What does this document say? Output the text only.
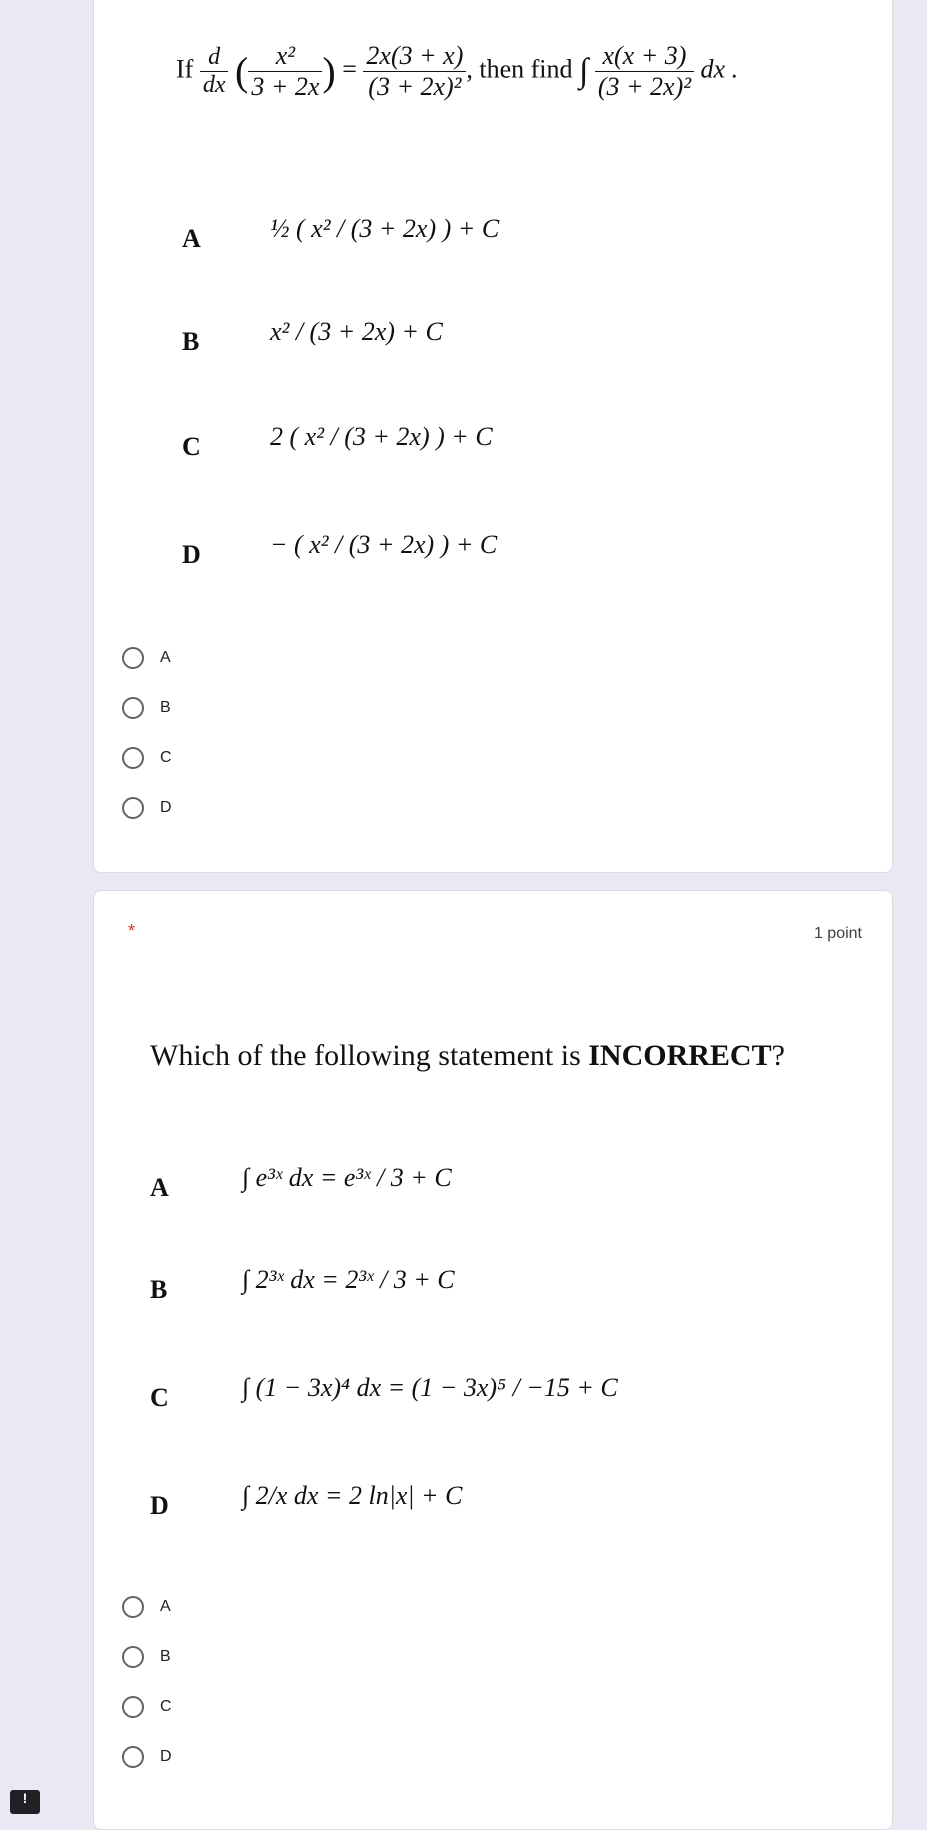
If $\frac{d}{dx}$ ( $\frac{\text{x²}}{3 + 2x}$ ) = $\frac{2x(3 + x)}{\text{(3 + 2x)²}}$ , then find ∫ $\frac{x(x + 3)}{\text{(3 + 2x)²}}$ dx .
A	½ ( x² / (3 + 2x) ) + C
B	x² / (3 + 2x) + C
C	2 ( x² / (3 + 2x) ) + C
D	− ( x² / (3 + 2x) ) + C
A
B
C
D
*	1 point
Which of the following statement is INCORRECT?
A	∫ e³ˣ dx = e³ˣ / 3 + C
B	∫ 2³ˣ dx = 2³ˣ / 3 + C
C	∫ (1 − 3x)⁴ dx = (1 − 3x)⁵ / −15 + C
D	∫ 2/x dx = 2 ln|x| + C
A
B
C
D
!
